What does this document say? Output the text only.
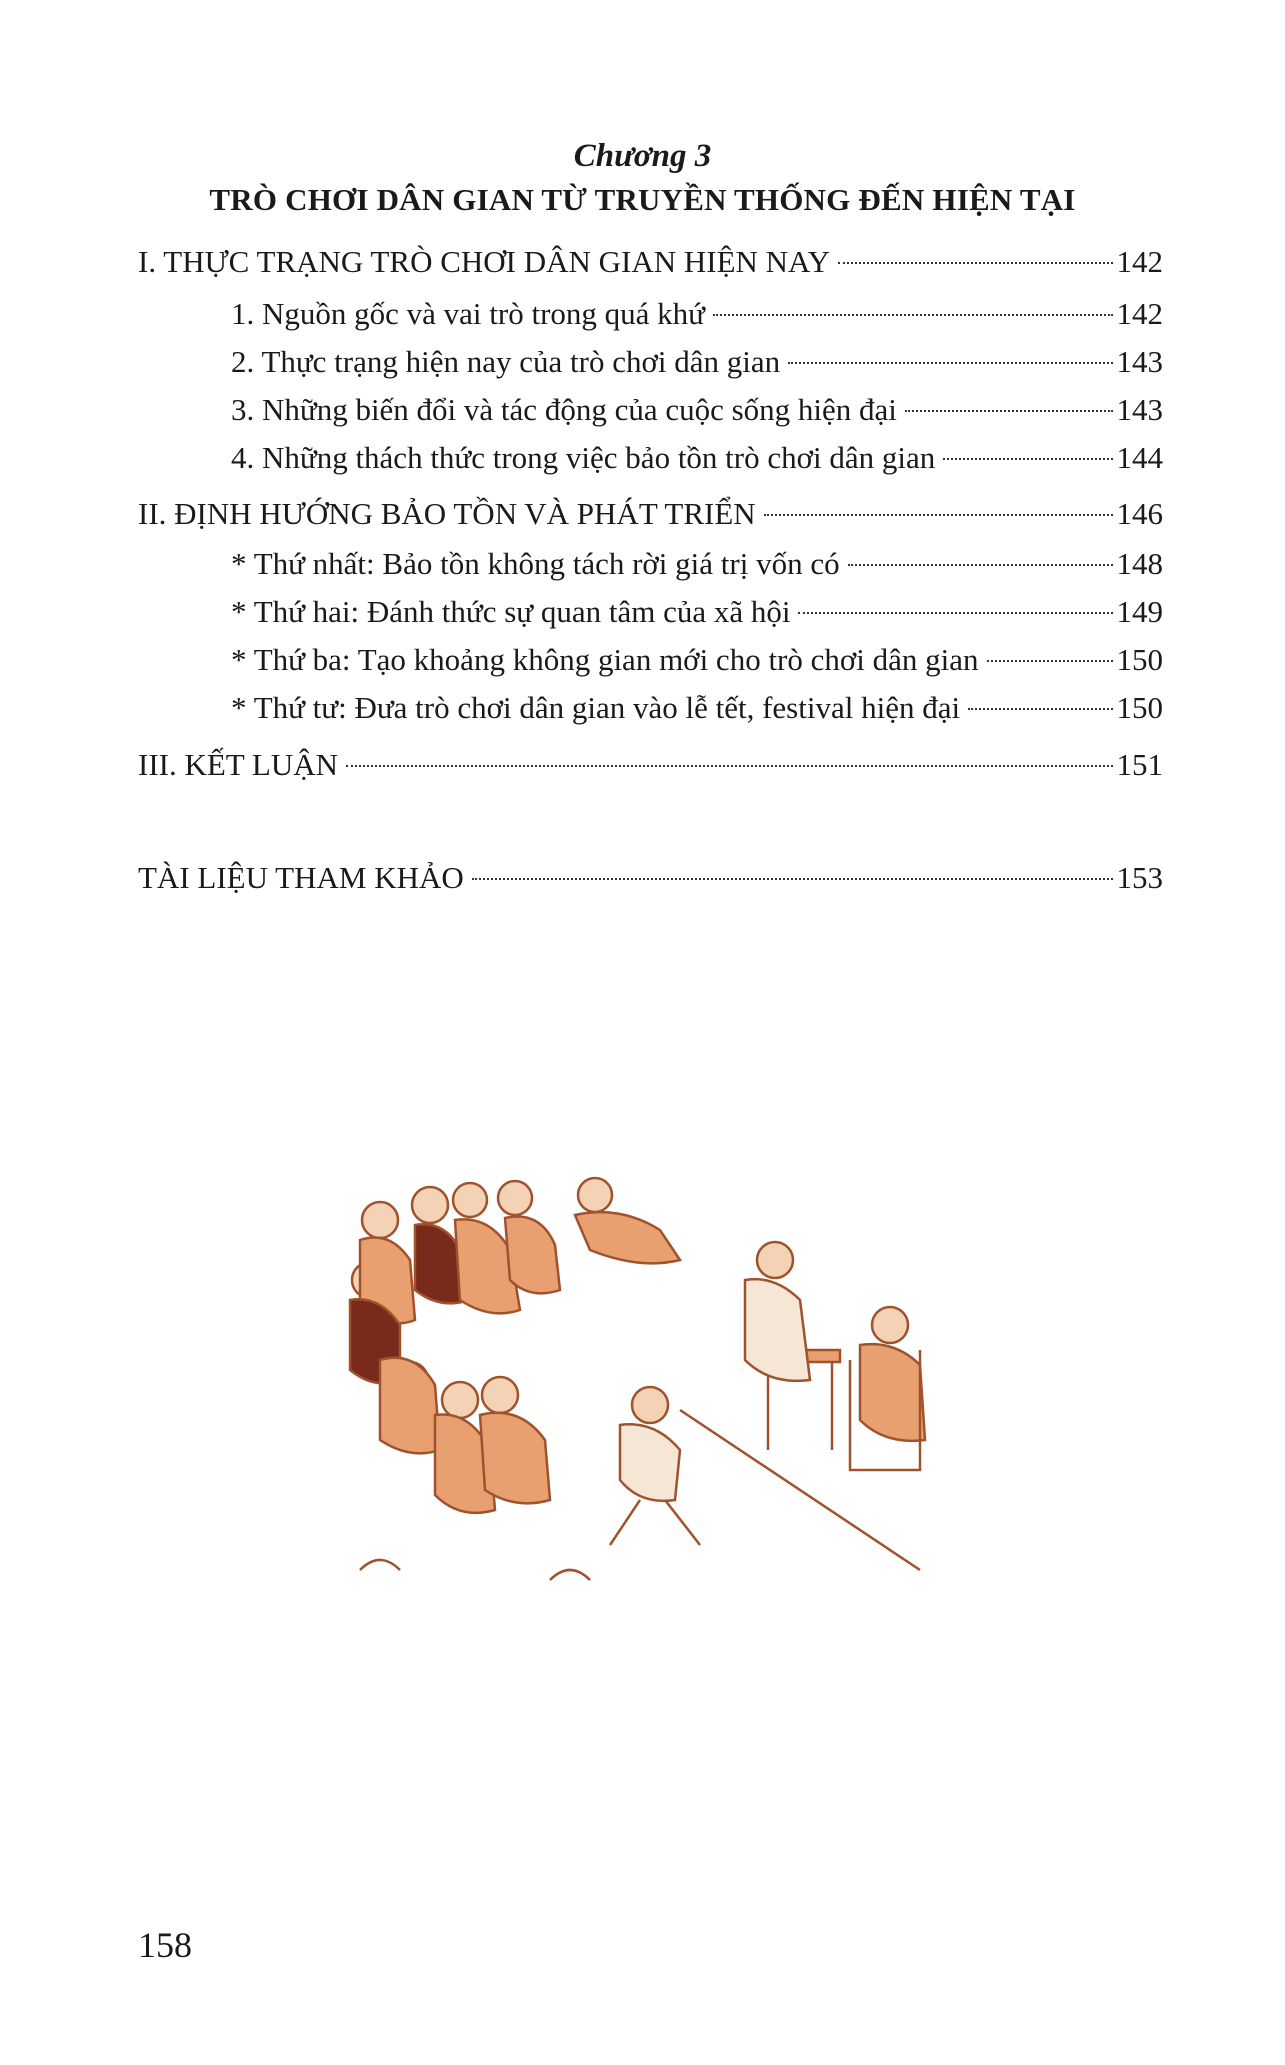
Chương 3
TRÒ CHƠI DÂN GIAN TỪ TRUYỀN THỐNG ĐẾN HIỆN TẠI
I. THỰC TRẠNG TRÒ CHƠI DÂN GIAN HIỆN NAY	142
1. Nguồn gốc và vai trò trong quá khứ	142
2. Thực trạng hiện nay của trò chơi dân gian	143
3. Những biến đổi và tác động của cuộc sống hiện đại	143
4. Những thách thức trong việc bảo tồn trò chơi dân gian	144
II. ĐỊNH HƯỚNG BẢO TỒN VÀ PHÁT TRIỂN	146
* Thứ nhất: Bảo tồn không tách rời giá trị vốn có	148
* Thứ hai: Đánh thức sự quan tâm của xã hội	149
* Thứ ba: Tạo khoảng không gian mới cho trò chơi dân gian	150
* Thứ tư: Đưa trò chơi dân gian vào lễ tết, festival hiện đại	150
III. KẾT LUẬN	151
TÀI LIỆU THAM KHẢO	153
158
